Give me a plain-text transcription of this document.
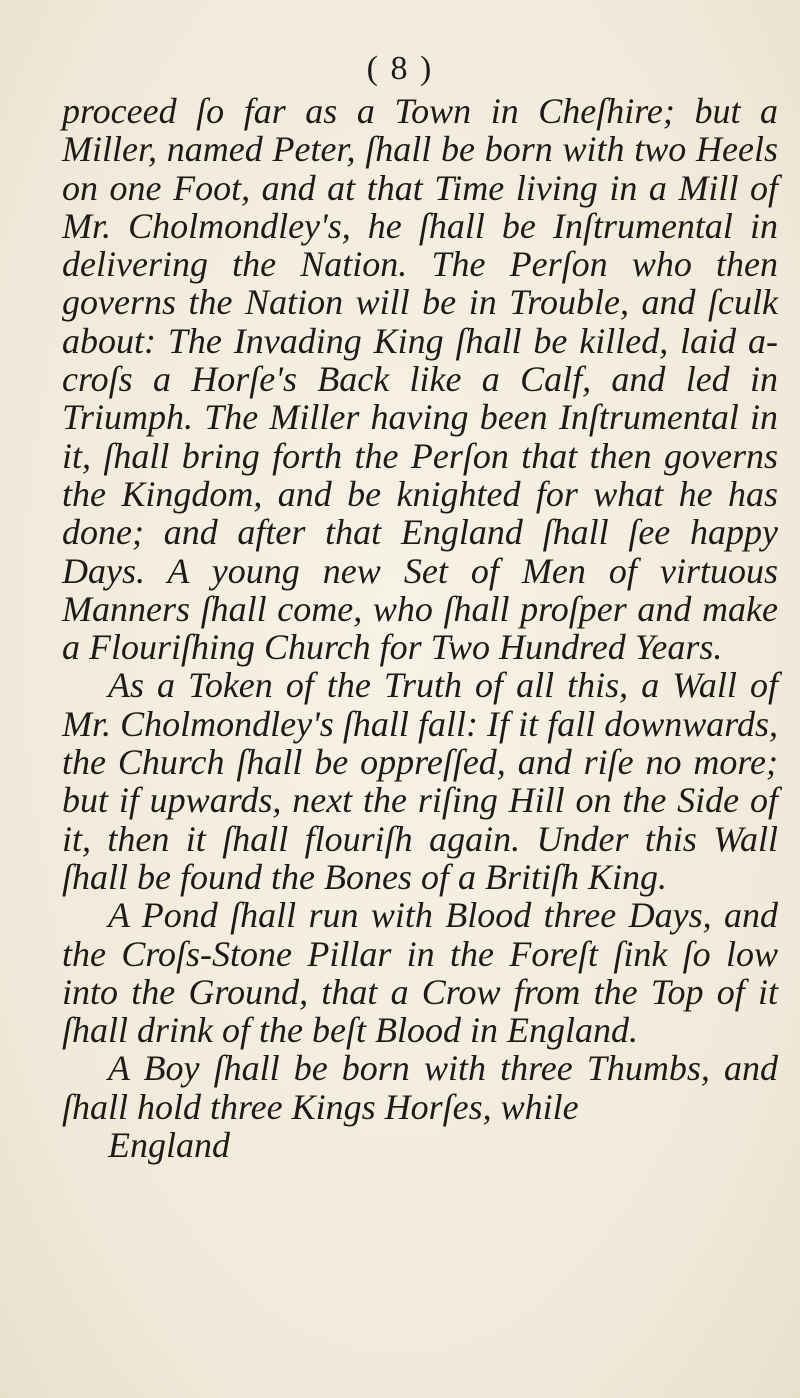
( 8 )

proceed ſo far as a Town in Cheſhire; but a Miller, named Peter, ſhall be born with two Heels on one Foot, and at that Time living in a Mill of Mr. Cholmondley's, he ſhall be Inſtrumental in delivering the Nation. The Perſon who then governs the Nation will be in Trouble, and ſculk about: The Invading King ſhall be killed, laid a-croſs a Horſe's Back like a Calf, and led in Triumph. The Miller having been Inſtrumental in it, ſhall bring forth the Perſon that then governs the Kingdom, and be knighted for what he has done; and after that England ſhall ſee happy Days. A young new Set of Men of virtuous Manners ſhall come, who ſhall proſper and make a Flouriſhing Church for Two Hundred Years.

As a Token of the Truth of all this, a Wall of Mr. Cholmondley's ſhall fall: If it fall downwards, the Church ſhall be oppreſſed, and riſe no more; but if upwards, next the riſing Hill on the Side of it, then it ſhall flouriſh again. Under this Wall ſhall be found the Bones of a Britiſh King.

A Pond ſhall run with Blood three Days, and the Croſs-Stone Pillar in the Foreſt ſink ſo low into the Ground, that a Crow from the Top of it ſhall drink of the beſt Blood in England.

A Boy ſhall be born with three Thumbs, and ſhall hold three Kings Horſes, while

England
